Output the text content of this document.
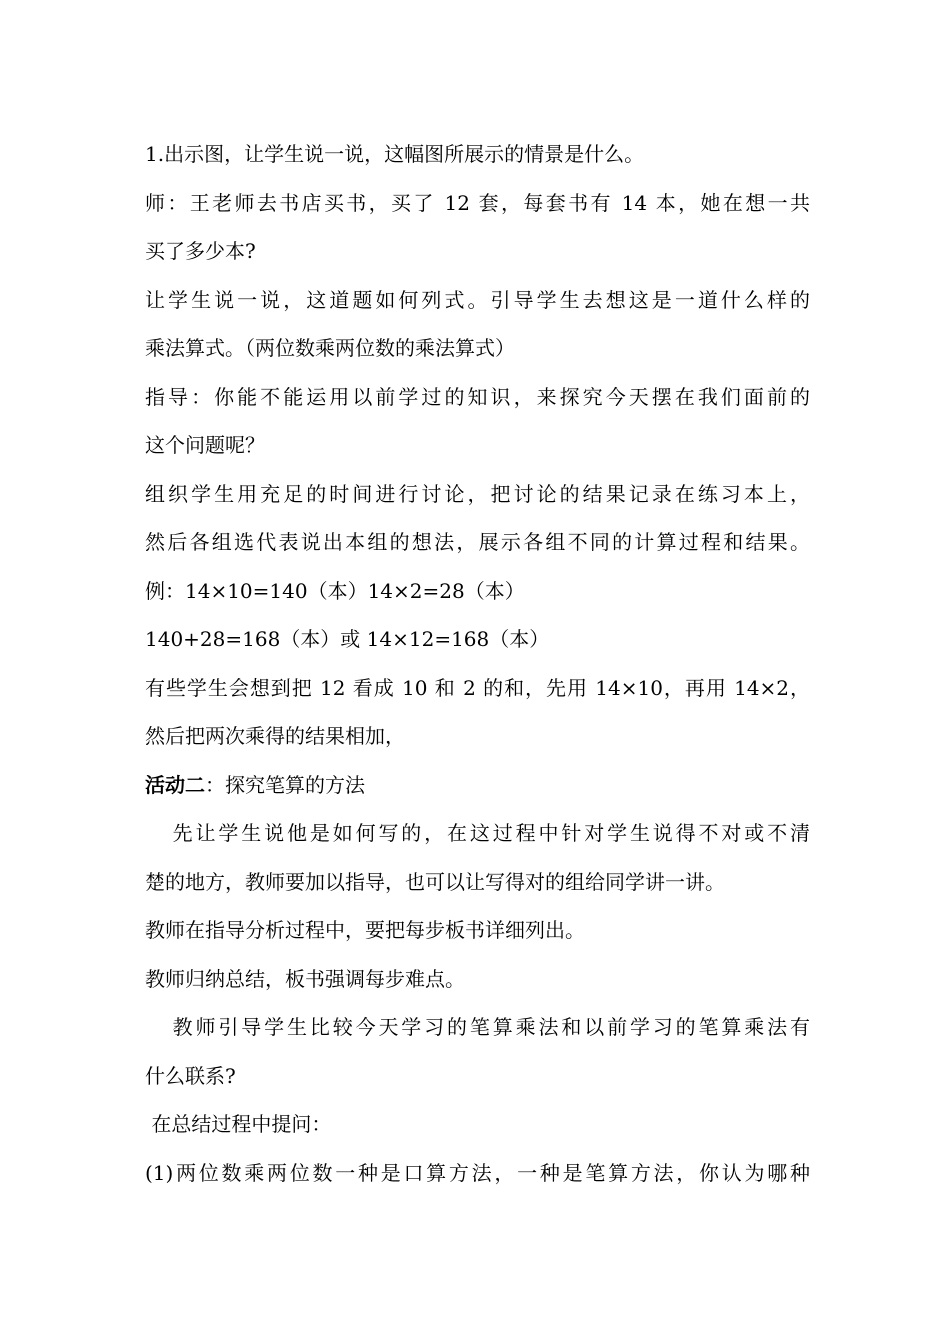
1.出示图，让学生说一说，这幅图所展示的情景是什么。
师：王老师去书店买书，买了 12 套，每套书有 14 本，她在想一共
买了多少本?
让学生说一说，这道题如何列式。引导学生去想这是一道什么样的
乘法算式。（两位数乘两位数的乘法算式）
指导：你能不能运用以前学过的知识，来探究今天摆在我们面前的
这个问题呢？
组织学生用充足的时间进行讨论，把讨论的结果记录在练习本上，
然后各组选代表说出本组的想法，展示各组不同的计算过程和结果。
例：14×10=140（本）14×2=28（本）
140+28=168（本）或 14×12=168（本）
有些学生会想到把 12 看成 10 和 2 的和，先用 14×10，再用 14×2，
然后把两次乘得的结果相加，
活动二：探究笔算的方法
先让学生说他是如何写的，在这过程中针对学生说得不对或不清
楚的地方，教师要加以指导，也可以让写得对的组给同学讲一讲。
教师在指导分析过程中，要把每步板书详细列出。
教师归纳总结，板书强调每步难点。
教师引导学生比较今天学习的笔算乘法和以前学习的笔算乘法有
什么联系?
在总结过程中提问：
(1)两位数乘两位数一种是口算方法，一种是笔算方法，你认为哪种
